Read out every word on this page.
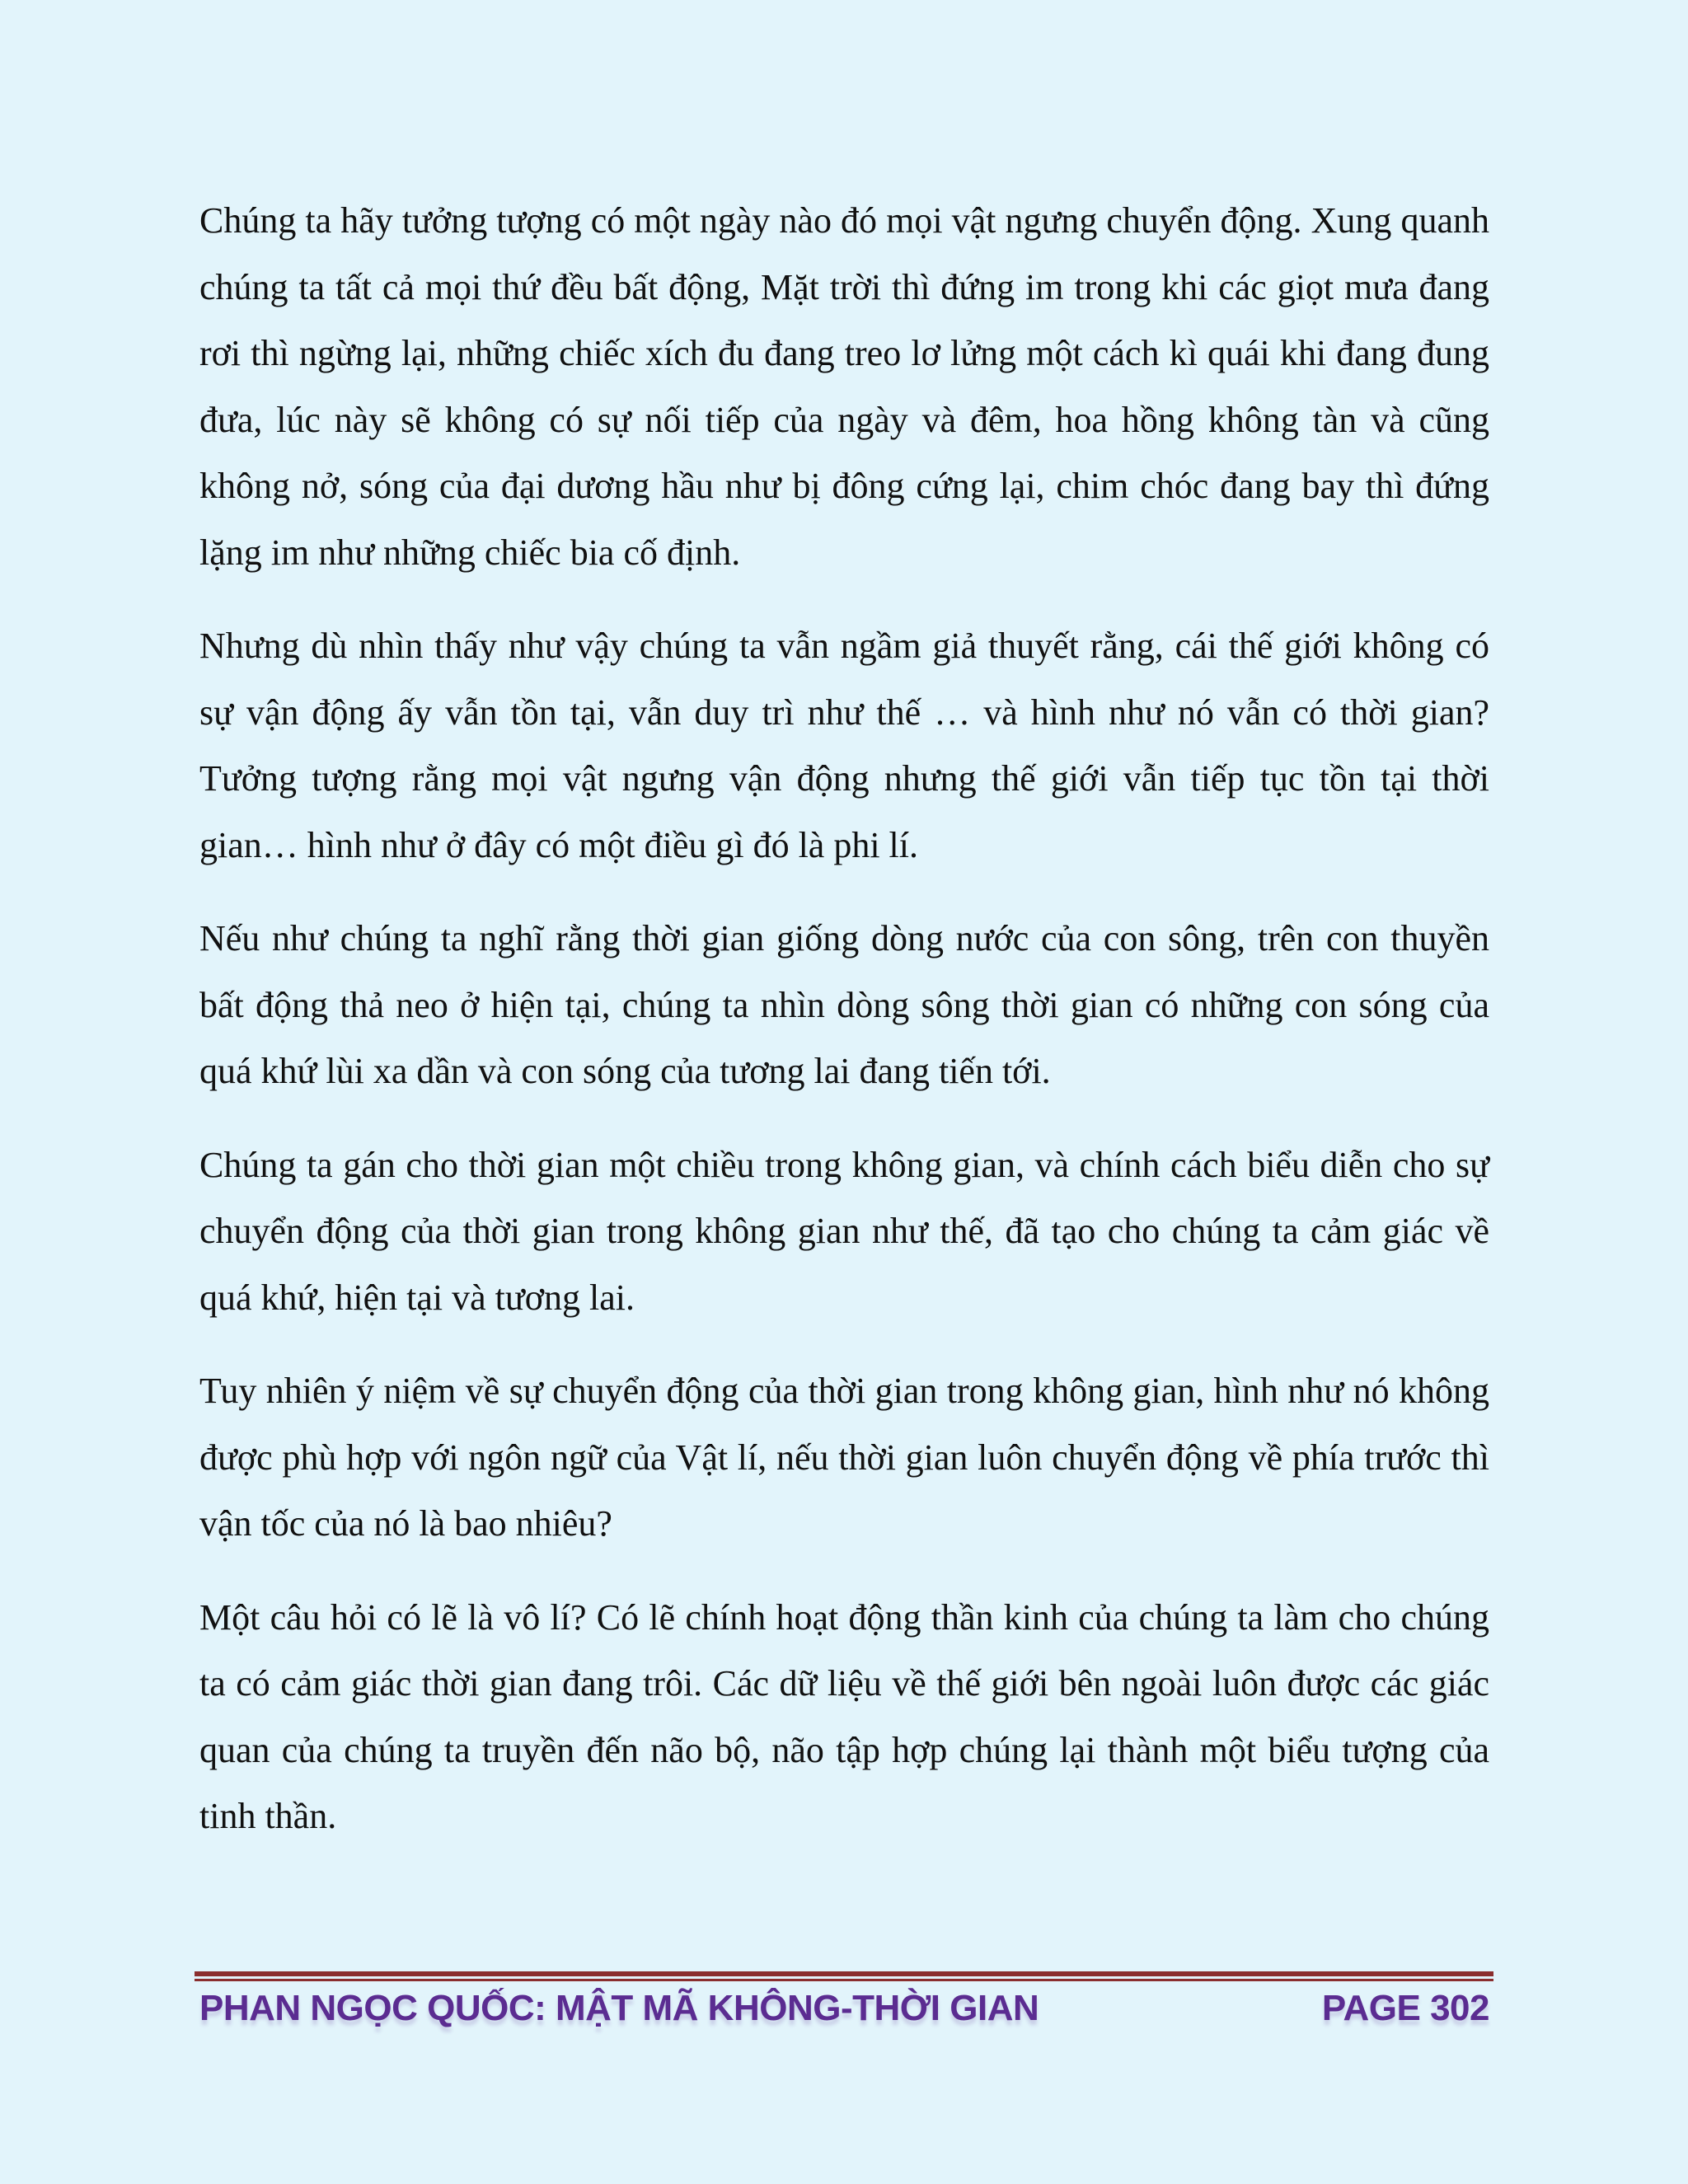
Chúng ta hãy tưởng tượng có một ngày nào đó mọi vật ngưng chuyển động. Xung quanh chúng ta tất cả mọi thứ đều bất động, Mặt trời thì đứng im trong khi các giọt mưa đang rơi thì ngừng lại, những chiếc xích đu đang treo lơ lửng một cách kì quái khi đang đung đưa, lúc này sẽ không có sự nối tiếp của ngày và đêm, hoa hồng không tàn và cũng không nở, sóng của đại dương hầu như bị đông cứng lại, chim chóc đang bay thì đứng lặng im như những chiếc bia cố định.

Nhưng dù nhìn thấy như vậy chúng ta vẫn ngầm giả thuyết rằng, cái thế giới không có sự vận động ấy vẫn tồn tại, vẫn duy trì như thế … và hình như nó vẫn có thời gian? Tưởng tượng rằng mọi vật ngưng vận động nhưng thế giới vẫn tiếp tục tồn tại thời gian… hình như ở đây có một điều gì đó là phi lí.

Nếu như chúng ta nghĩ rằng thời gian giống dòng nước của con sông, trên con thuyền bất động thả neo ở hiện tại, chúng ta nhìn dòng sông thời gian có những con sóng của quá khứ lùi xa dần và con sóng của tương lai đang tiến tới.

Chúng ta gán cho thời gian một chiều trong không gian, và chính cách biểu diễn cho sự chuyển động của thời gian trong không gian như thế, đã tạo cho chúng ta cảm giác về quá khứ, hiện tại và tương lai.

Tuy nhiên ý niệm về sự chuyển động của thời gian trong không gian, hình như nó không được phù hợp với ngôn ngữ của Vật lí, nếu thời gian luôn chuyển động về phía trước thì vận tốc của nó là bao nhiêu?

Một câu hỏi có lẽ là vô lí? Có lẽ chính hoạt động thần kinh của chúng ta làm cho chúng ta có cảm giác thời gian đang trôi. Các dữ liệu về thế giới bên ngoài luôn được các giác quan của chúng ta truyền đến não bộ, não tập hợp chúng lại thành một biểu tượng của tinh thần.

PHAN NGỌC QUỐC: MẬT MÃ KHÔNG-THỜI GIAN	PAGE 302
